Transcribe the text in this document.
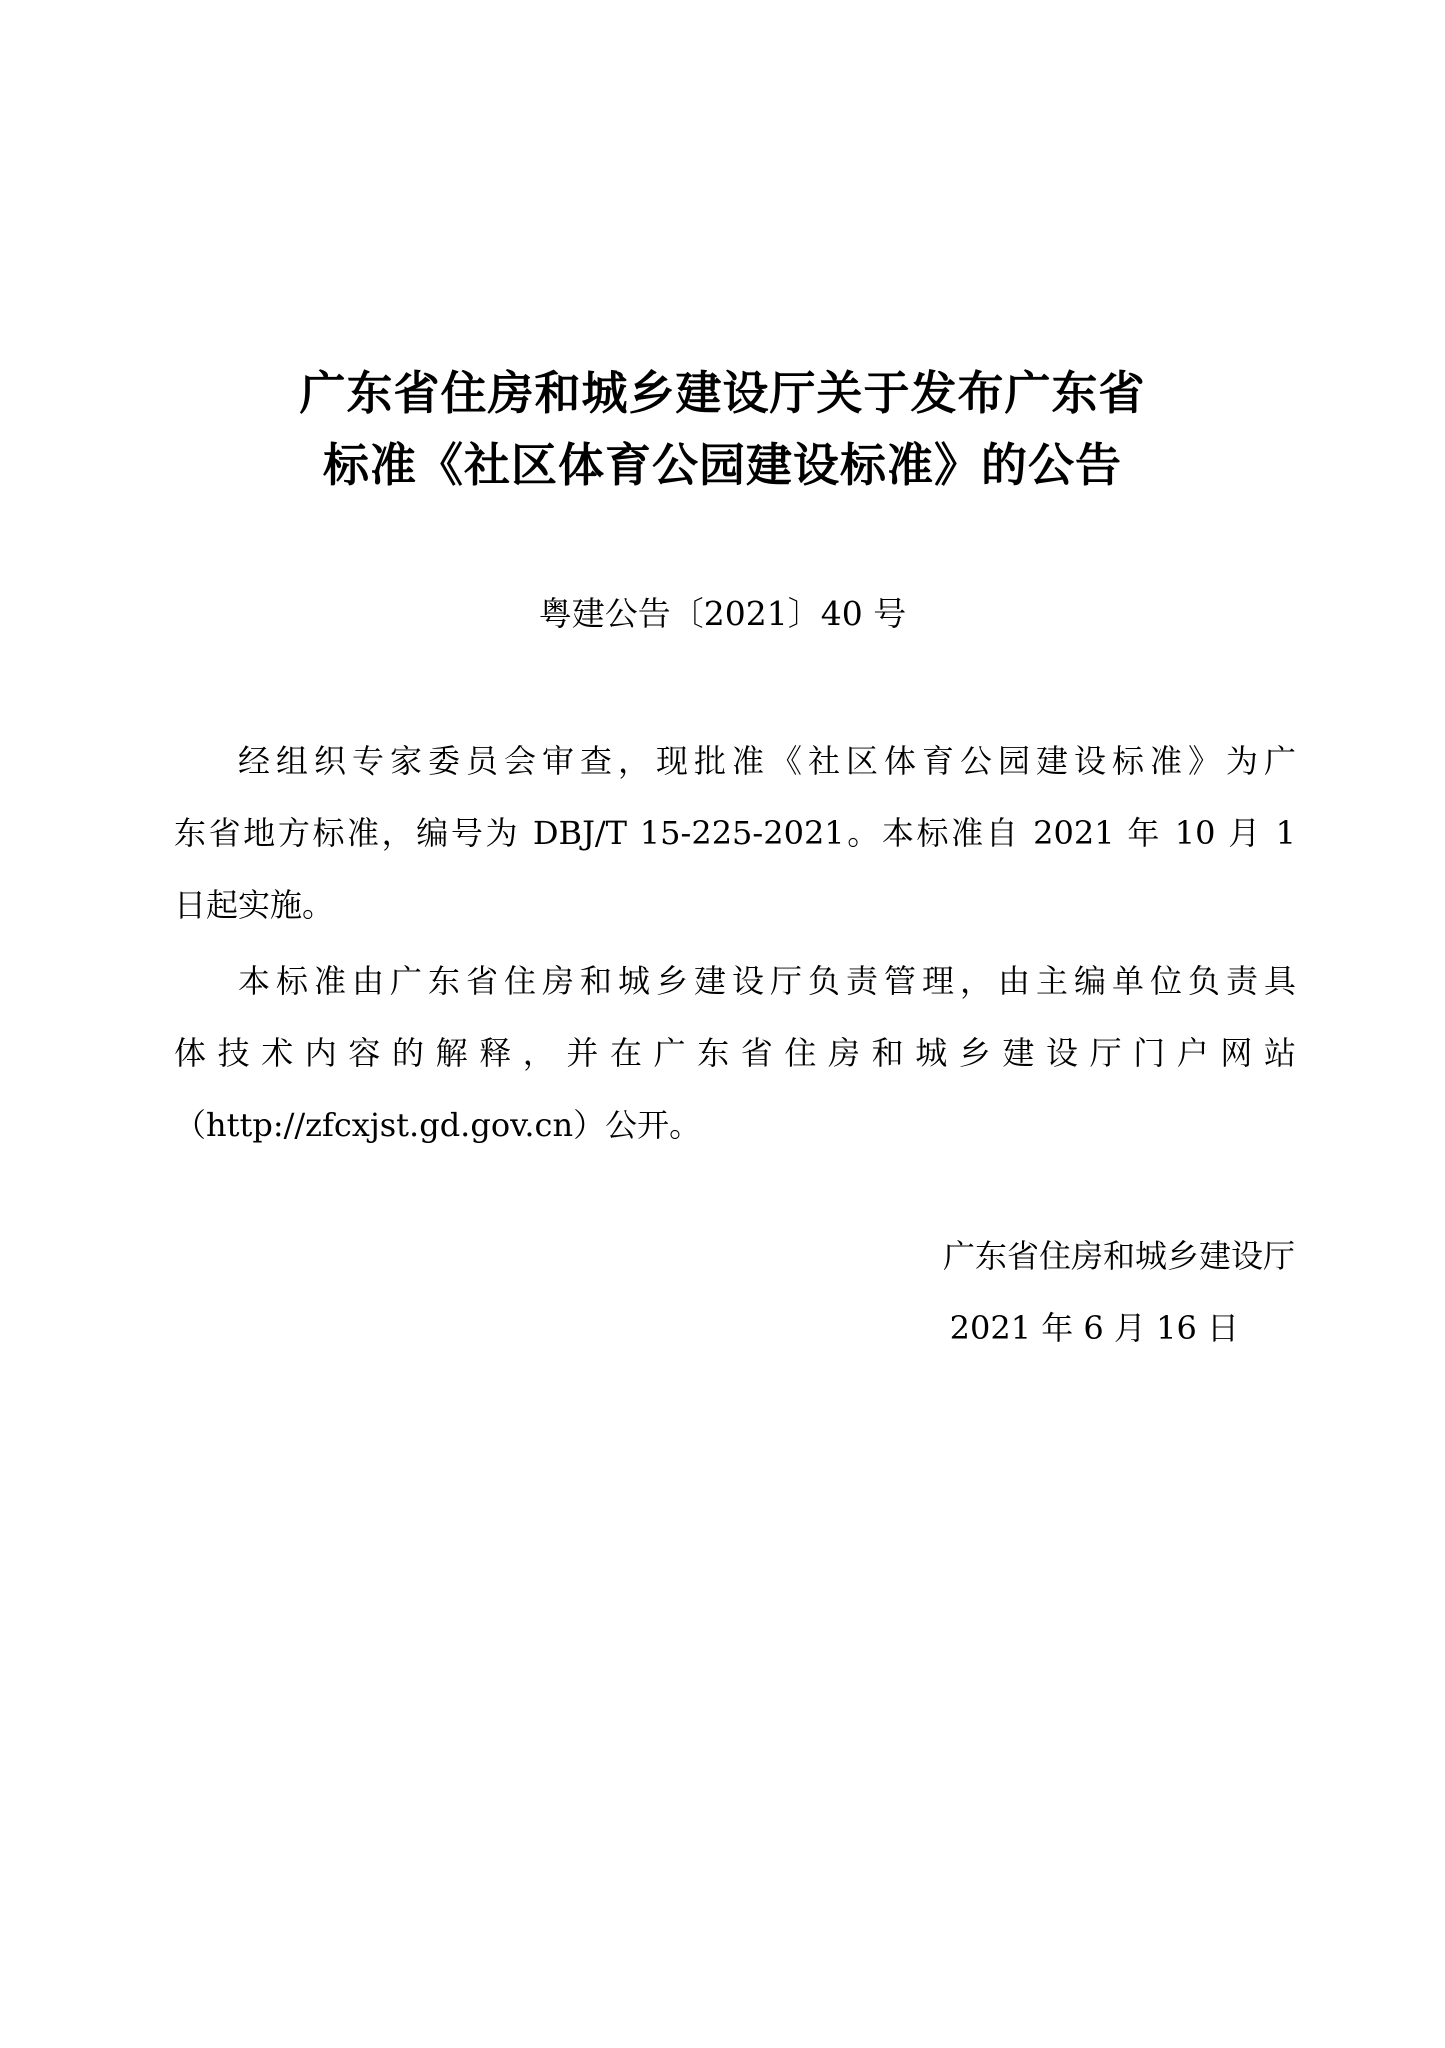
广东省住房和城乡建设厅关于发布广东省
标准《社区体育公园建设标准》的公告
粤建公告〔2021〕40 号

经组织专家委员会审查，现批准《社区体育公园建设标准》为广
东省地方标准，编号为 DBJ/T 15-225-2021。本标准自 2021 年 10 月 1
日起实施。

本标准由广东省住房和城乡建设厅负责管理，由主编单位负责具
体技术内容的解释，并在广东省住房和城乡建设厅门户网站
（http://zfcxjst.gd.gov.cn）公开。

广东省住房和城乡建设厅
2021 年 6 月 16 日
